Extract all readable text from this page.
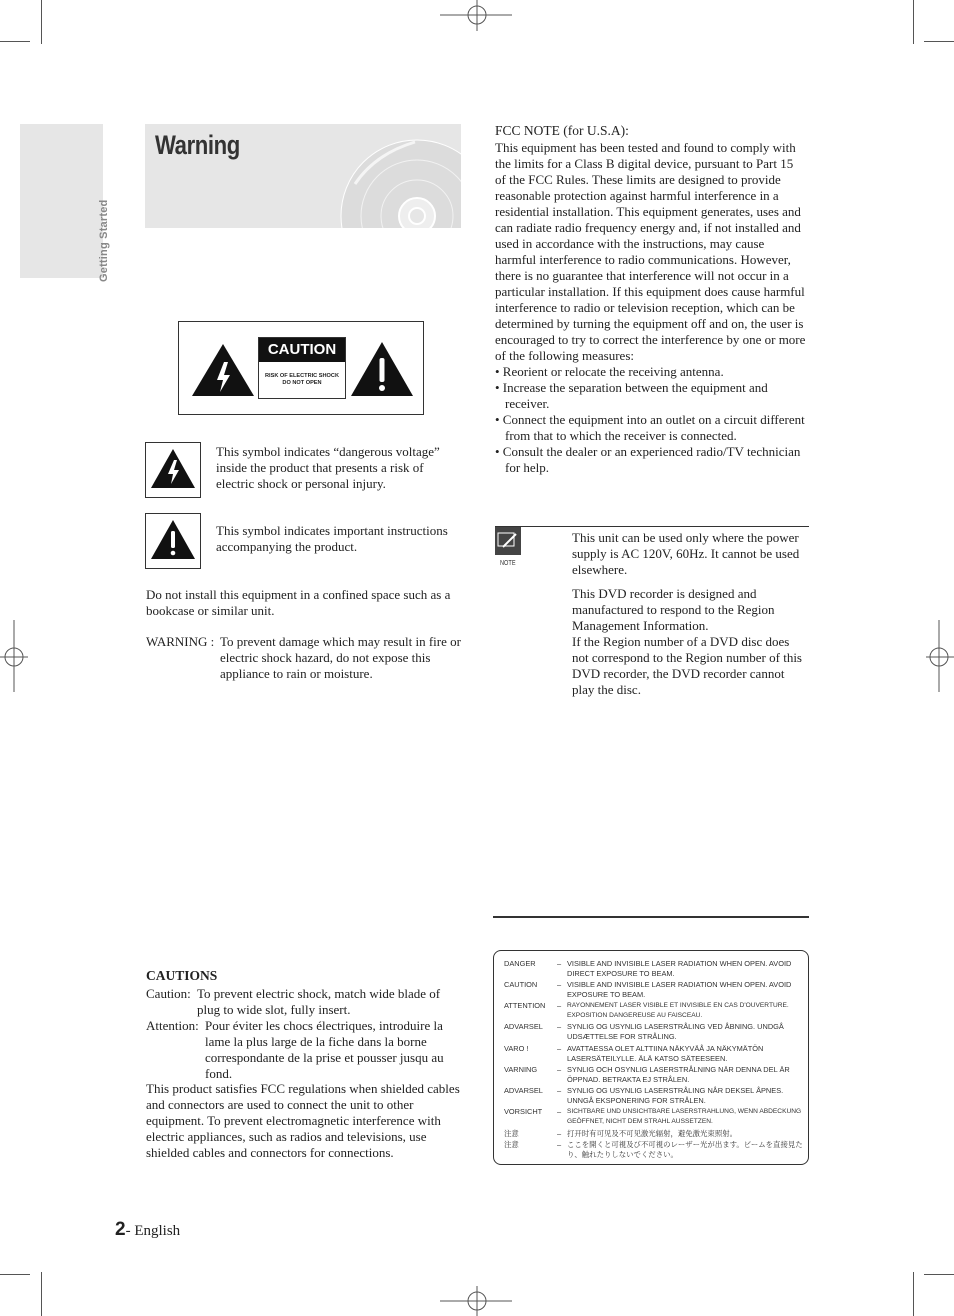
Getting Started
Warning
CAUTION
RISK OF ELECTRIC SHOCK
DO NOT OPEN
This symbol indicates “dangerous voltage” inside the product that presents a risk of electric shock or personal injury.
This symbol indicates important instructions accompanying the product.
Do not install this equipment in a confined space such as a bookcase or similar unit.
WARNING : To prevent damage which may result in fire or electric shock hazard, do not expose this appliance to rain or moisture.
CAUTIONS
Caution: To prevent electric shock, match wide blade of plug to wide slot, fully insert.
Attention: Pour éviter les chocs électriques, introduire la lame la plus large de la fiche dans la borne correspondante de la prise et pousser jusqu au fond.
This product satisfies FCC regulations when shielded cables and connectors are used to connect the unit to other equipment. To prevent electromagnetic interference with electric appliances, such as radios and televisions, use shielded cables and connectors for connections.
FCC NOTE (for U.S.A):
This equipment has been tested and found to comply with the limits for a Class B digital device, pursuant to Part 15 of the FCC Rules. These limits are designed to provide reasonable protection against harmful interference in a residential installation. This equipment generates, uses and can radiate radio frequency energy and, if not installed and used in accordance with the instructions, may cause harmful interference to radio communications. However, there is no guarantee that interference will not occur in a particular installation. If this equipment does cause harmful interference to radio or television reception, which can be determined by turning the equipment off and on, the user is encouraged to try to correct the interference by one or more of the following measures:
• Reorient or relocate the receiving antenna.
• Increase the separation between the equipment and receiver.
• Connect the equipment into an outlet on a circuit different from that to which the receiver is connected.
• Consult the dealer or an experienced radio/TV technician for help.
NOTE
This unit can be used only where the power supply is AC 120V, 60Hz. It cannot be used elsewhere.
This DVD recorder is designed and manufactured to respond to the Region Management Information.
If the Region number of a DVD disc does not correspond to the Region number of this DVD recorder, the DVD recorder cannot play the disc.
DANGER	– VISIBLE AND INVISIBLE LASER RADIATION WHEN OPEN. AVOID DIRECT EXPOSURE TO BEAM.
CAUTION	– VISIBLE AND INVISIBLE LASER RADIATION WHEN OPEN. AVOID EXPOSURE TO BEAM.
ATTENTION	– RAYONNEMENT LASER VISIBLE ET INVISIBLE EN CAS D'OUVERTURE. EXPOSITION DANGEREUSE AU FAISCEAU.
ADVARSEL	– SYNLIG OG USYNLIG LASERSTRÅLING VED ÅBNING. UNDGÅ UDSÆTTELSE FOR STRÅLING.
VARO !	– AVATTAESSA OLET ALTTIINA NÄKYVÄÅ JA NÄKYMÄTÖN LASERSÄTEILYLLE. ÄLÄ KATSO SÄTEESEEN.
VARNING	– SYNLIG OCH OSYNLIG LASERSTRÅLNING NÄR DENNA DEL ÄR ÖPPNAD. BETRAKTA EJ STRÅLEN.
ADVARSEL	– SYNLIG OG USYNLIG LASERSTRÅLING NÅR DEKSEL ÅPNES. UNNGÅ EKSPONERING FOR STRÅLEN.
VORSICHT	– SICHTBARE UND UNSICHTBARE LASERSTRAHLUNG, WENN ABDECKUNG GEÖFFNET, NICHT DEM STRAHL AUSSETZEN.
注意	– 打开时有可见及不可见激光辐射，避免激光束照射。
注意	– ここを開くと可視及び不可視のレーザー光が出ます。ビームを直接見たり、触れたりしないでください。
2- English
